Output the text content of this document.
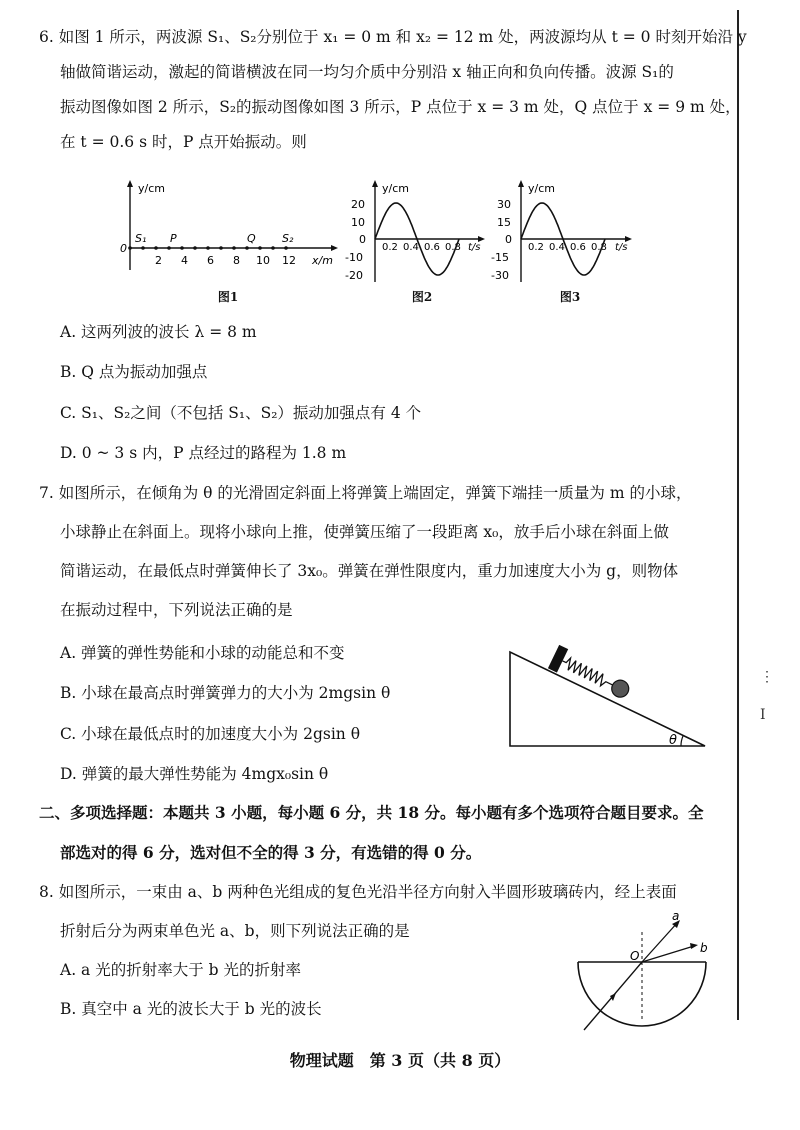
⋮
I
6. 如图 1 所示，两波源 S₁、S₂分别位于 x₁ = 0 m 和 x₂ = 12 m 处，两波源均从 t = 0 时刻开始沿 y
轴做简谐运动，激起的简谐横波在同一均匀介质中分别沿 x 轴正向和负向传播。波源 S₁的
振动图像如图 2 所示，S₂的振动图像如图 3 所示，P 点位于 x = 3 m 处，Q 点位于 x = 9 m 处，
在 t = 0.6 s 时，P 点开始振动。则
y/cm
x/m
0
2 4 6 8 10 12
S₁ P	Q S₂
图1
y/cm
t/s
20
10
0
-10
-20
0.2 0.4 0.6 0.8
图2
y/cm
t/s
30
15
0
-15
-30
0.2 0.4 0.6 0.8
图3
A. 这两列波的波长 λ = 8 m
B. Q 点为振动加强点
C. S₁、S₂之间（不包括 S₁、S₂）振动加强点有 4 个
D. 0 ~ 3 s 内，P 点经过的路程为 1.8 m
7. 如图所示，在倾角为 θ 的光滑固定斜面上将弹簧上端固定，弹簧下端挂一质量为 m 的小球，
小球静止在斜面上。现将小球向上推，使弹簧压缩了一段距离 x₀，放手后小球在斜面上做
简谐运动，在最低点时弹簧伸长了 3x₀。弹簧在弹性限度内，重力加速度大小为 g，则物体
在振动过程中，下列说法正确的是
A. 弹簧的弹性势能和小球的动能总和不变
B. 小球在最高点时弹簧弹力的大小为 2mgsin θ
C. 小球在最低点时的加速度大小为 2gsin θ
D. 弹簧的最大弹性势能为 4mgx₀sin θ
θ
二、多项选择题：本题共 3 小题，每小题 6 分，共 18 分。每小题有多个选项符合题目要求。全
部选对的得 6 分，选对但不全的得 3 分，有选错的得 0 分。
8. 如图所示，一束由 a、b 两种色光组成的复色光沿半径方向射入半圆形玻璃砖内，经上表面
折射后分为两束单色光 a、b，则下列说法正确的是
A. a 光的折射率大于 b 光的折射率
B. 真空中 a 光的波长大于 b 光的波长
O
a
b
物理试题　第 3 页（共 8 页）
